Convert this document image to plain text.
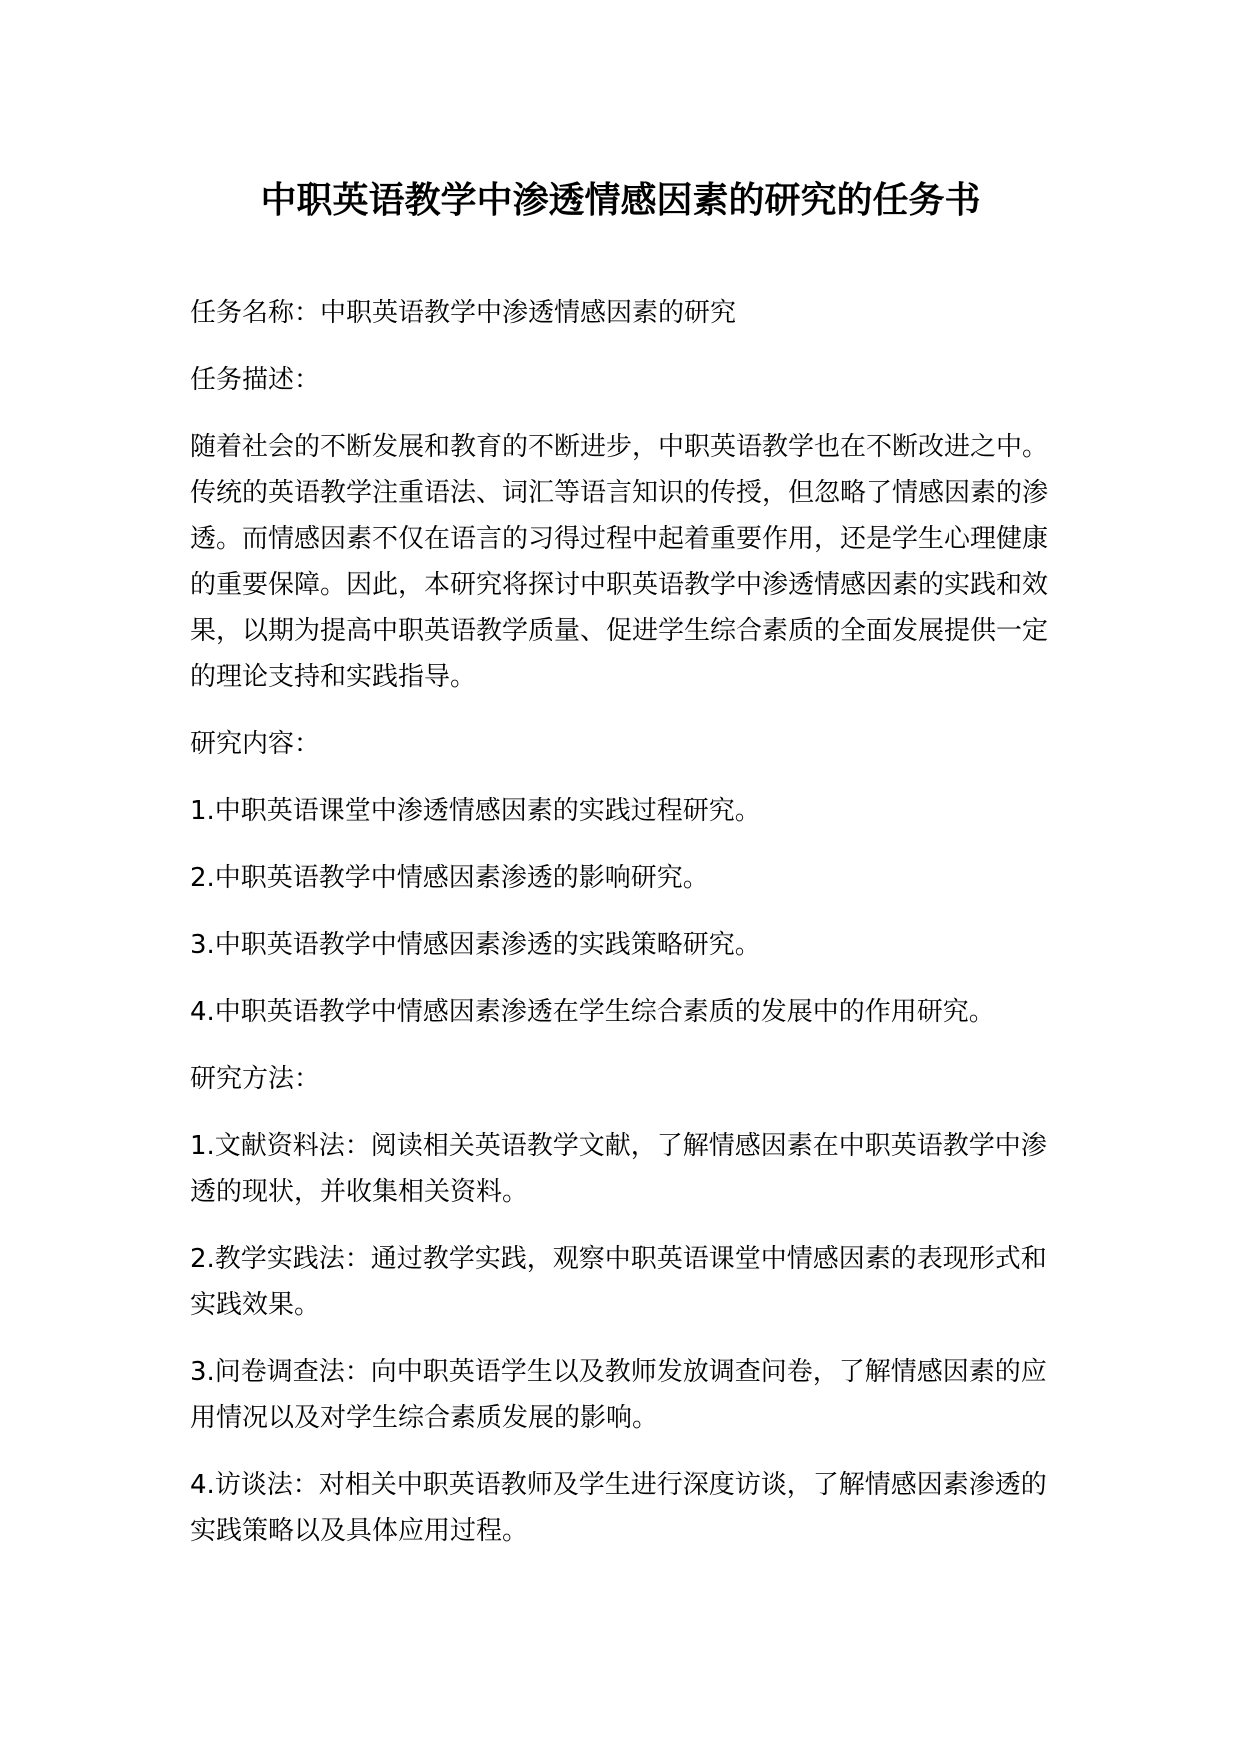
中职英语教学中渗透情感因素的研究的任务书

任务名称：中职英语教学中渗透情感因素的研究

任务描述：

随着社会的不断发展和教育的不断进步，中职英语教学也在不断改进之中。传统的英语教学注重语法、词汇等语言知识的传授，但忽略了情感因素的渗透。而情感因素不仅在语言的习得过程中起着重要作用，还是学生心理健康的重要保障。因此，本研究将探讨中职英语教学中渗透情感因素的实践和效果，以期为提高中职英语教学质量、促进学生综合素质的全面发展提供一定的理论支持和实践指导。

研究内容：

1.中职英语课堂中渗透情感因素的实践过程研究。

2.中职英语教学中情感因素渗透的影响研究。

3.中职英语教学中情感因素渗透的实践策略研究。

4.中职英语教学中情感因素渗透在学生综合素质的发展中的作用研究。

研究方法：

1.文献资料法：阅读相关英语教学文献，了解情感因素在中职英语教学中渗透的现状，并收集相关资料。

2.教学实践法：通过教学实践，观察中职英语课堂中情感因素的表现形式和实践效果。

3.问卷调查法：向中职英语学生以及教师发放调查问卷，了解情感因素的应用情况以及对学生综合素质发展的影响。

4.访谈法：对相关中职英语教师及学生进行深度访谈，了解情感因素渗透的实践策略以及具体应用过程。
